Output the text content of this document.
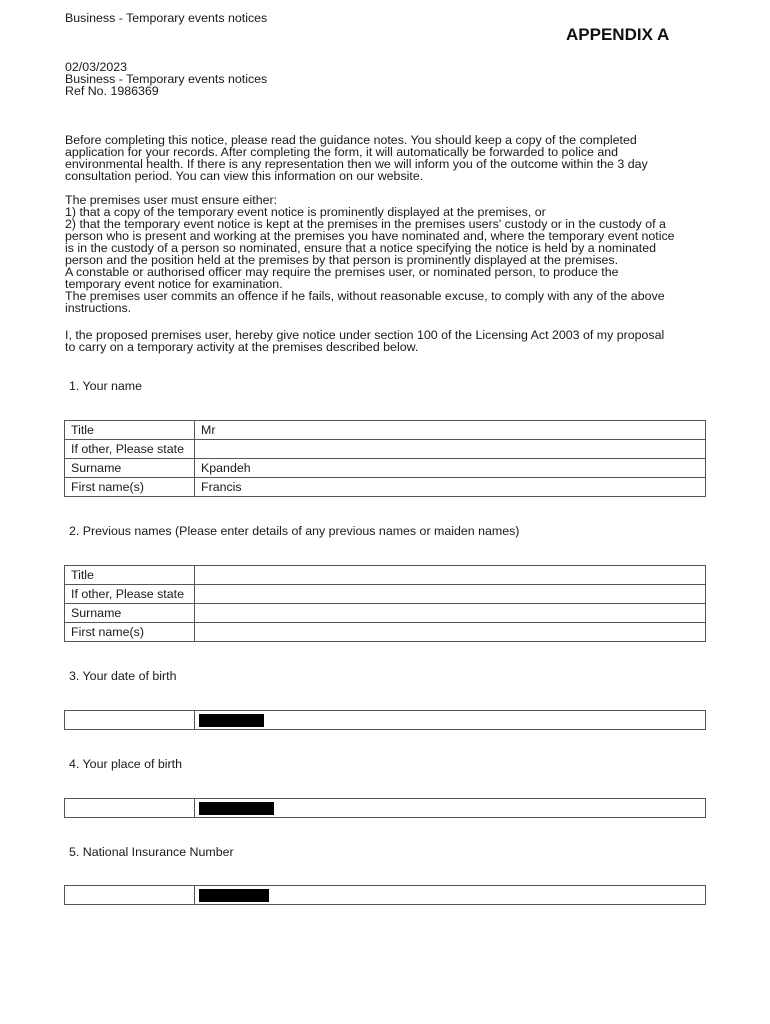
Business - Temporary events notices
APPENDIX A
02/03/2023
Business - Temporary events notices
Ref No. 1986369
Before completing this notice, please read the guidance notes. You should keep a copy of the completed
application for your records. After completing the form, it will automatically be forwarded to police and
environmental health. If there is any representation then we will inform you of the outcome within the 3 day
consultation period. You can view this information on our website.
The premises user must ensure either:
1) that a copy of the temporary event notice is prominently displayed at the premises, or
2) that the temporary event notice is kept at the premises in the premises users' custody or in the custody of a
person who is present and working at the premises you have nominated and, where the temporary event notice
is in the custody of a person so nominated, ensure that a notice specifying the notice is held by a nominated
person and the position held at the premises by that person is prominently displayed at the premises.
A constable or authorised officer may require the premises user, or nominated person, to produce the
temporary event notice for examination.
The premises user commits an offence if he fails, without reasonable excuse, to comply with any of the above
instructions.
I, the proposed premises user, hereby give notice under section 100 of the Licensing Act 2003 of my proposal
to carry on a temporary activity at the premises described below.
1. Your name
Title	Mr
If other, Please state	
Surname	Kpandeh
First name(s)	Francis
2. Previous names (Please enter details of any previous names or maiden names)
Title	
If other, Please state	
Surname	
First name(s)	
3. Your date of birth

4. Your place of birth

5. National Insurance Number
